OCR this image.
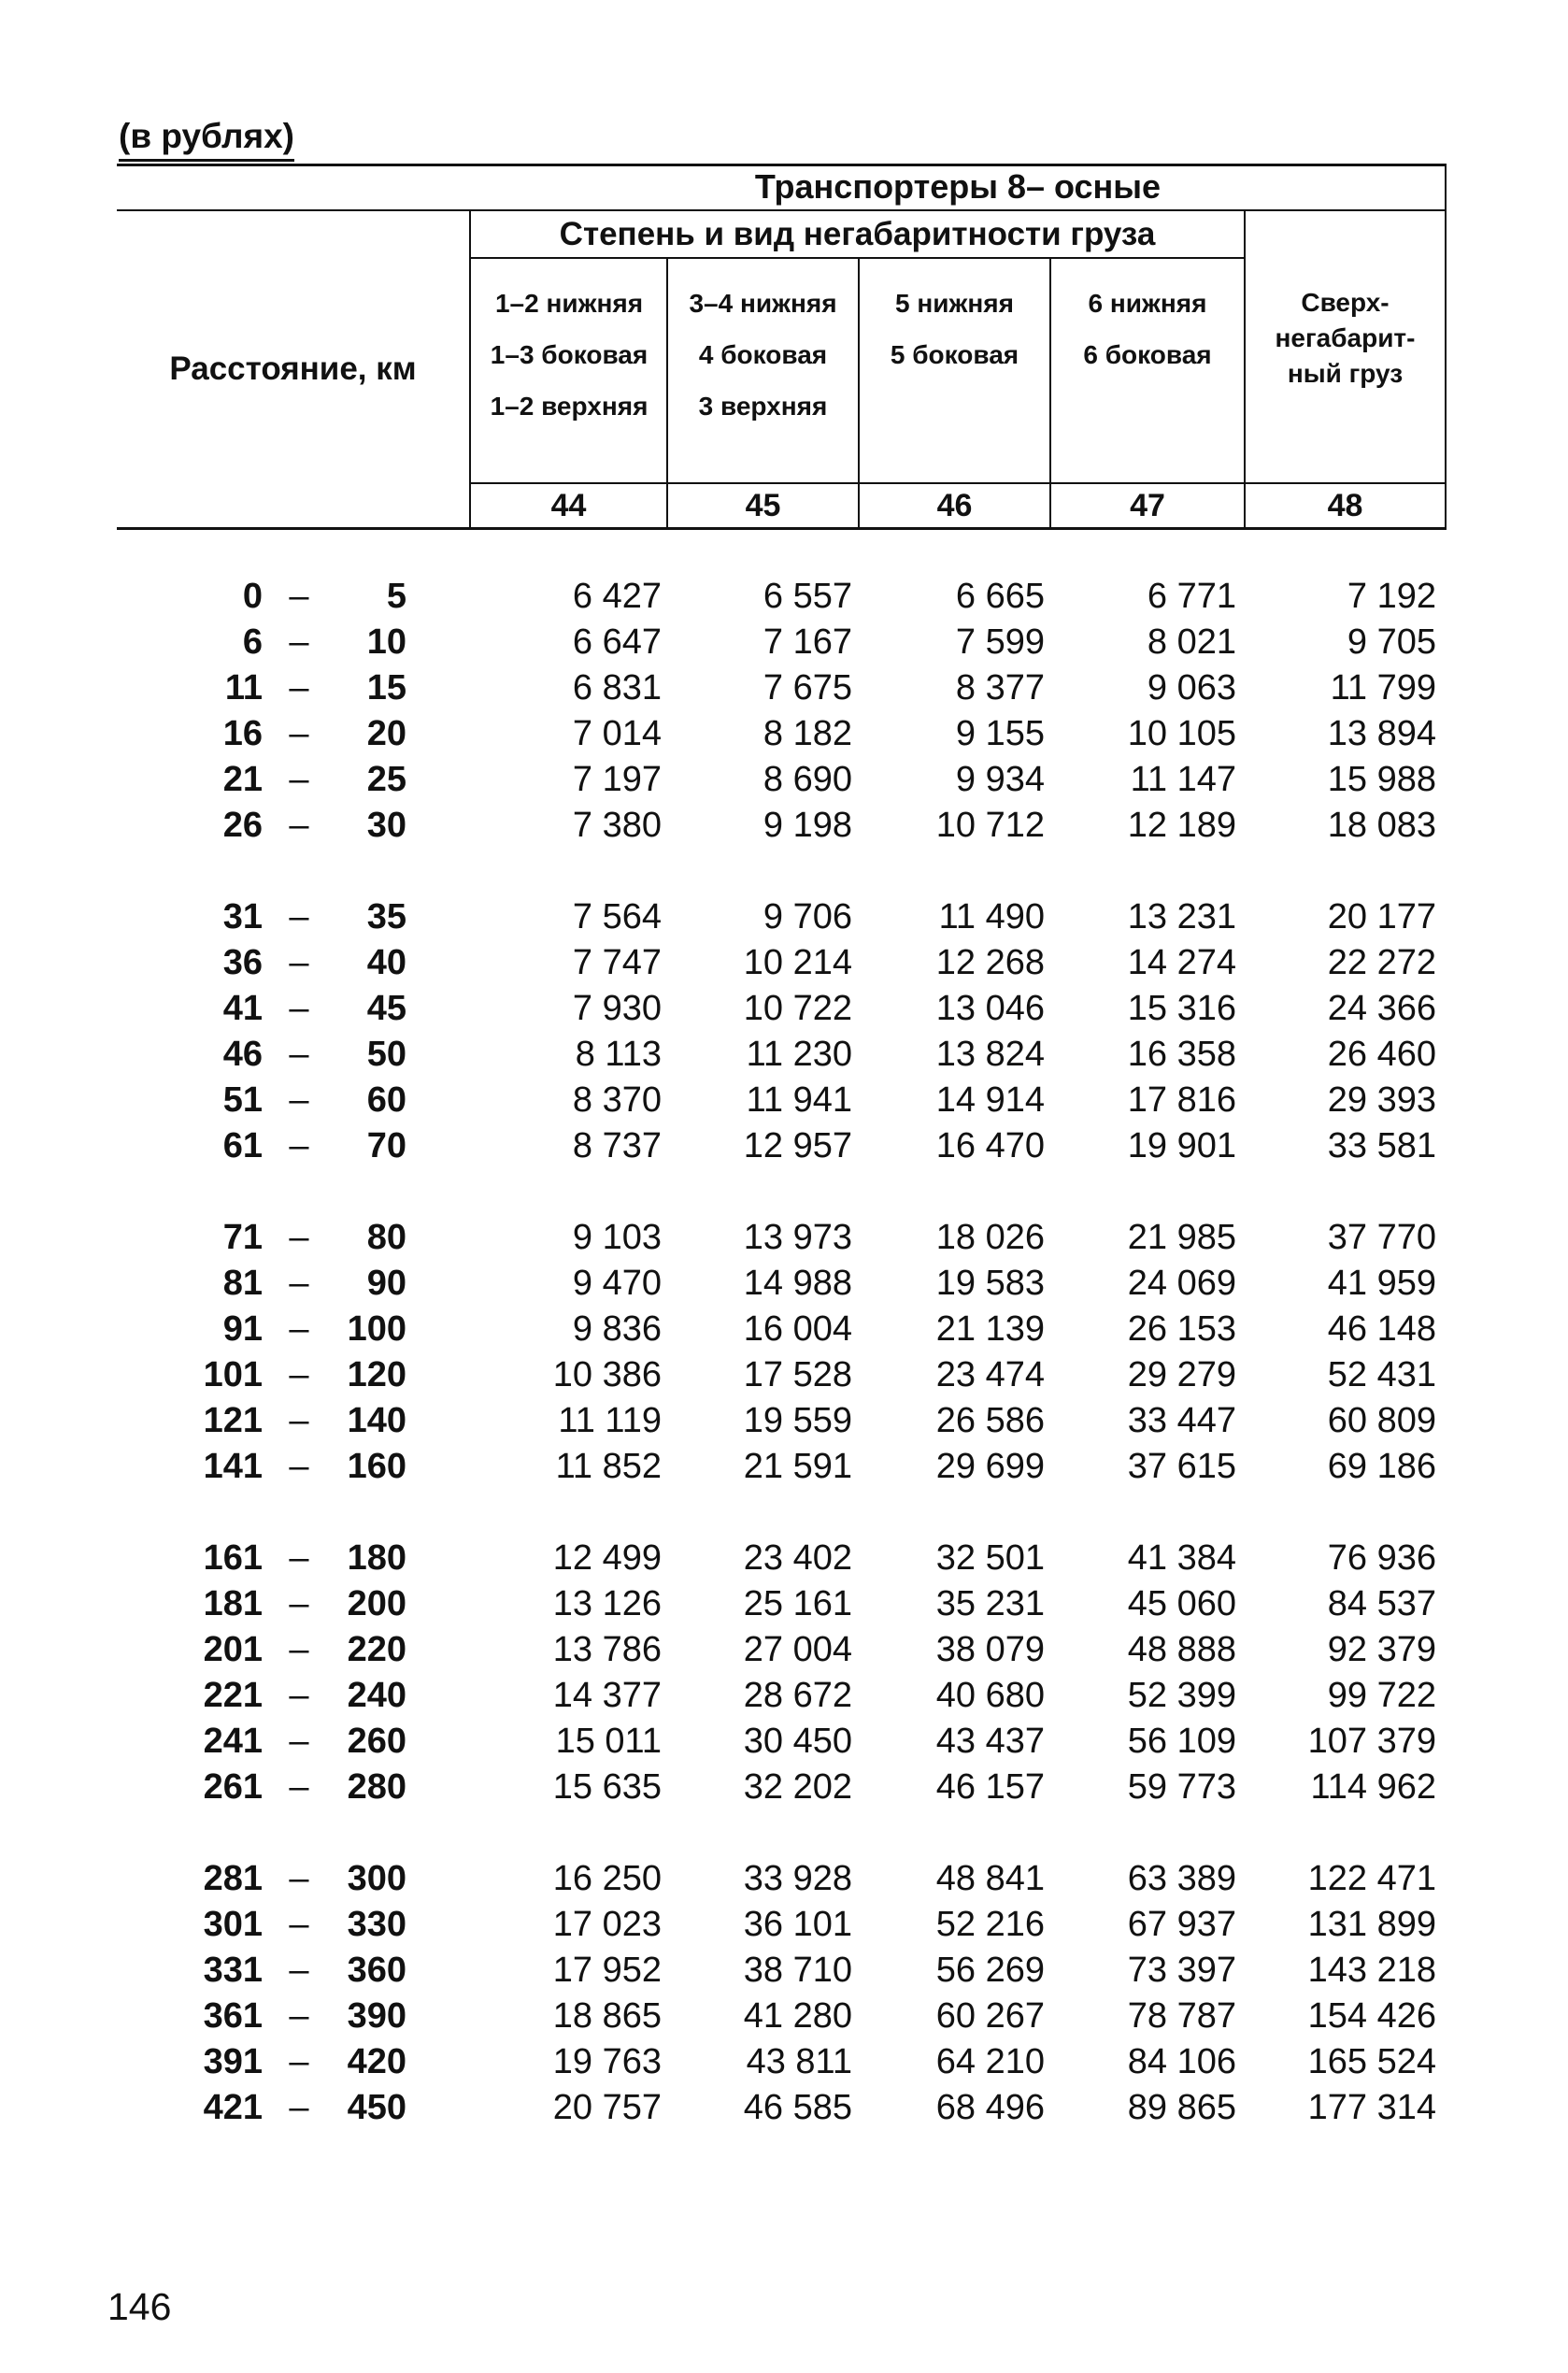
(в рублях)
Транспортеры 8– осные
Степень и вид негабаритности груза
Расстояние, км
1–2 нижняя
1–3 боковая
1–2 верхняя
3–4 нижняя
4 боковая
3 верхняя
5 нижняя
5 боковая
6 нижняя
6 боковая
Сверх-
негабарит-
ный груз
44	45	46	47	48
0 –	5	6 427	6 557	6 665	6 771	7 192
6 –	10	6 647	7 167	7 599	8 021	9 705
11 –	15	6 831	7 675	8 377	9 063	11 799
16 –	20	7 014	8 182	9 155	10 105	13 894
21 –	25	7 197	8 690	9 934	11 147	15 988
26 –	30	7 380	9 198	10 712	12 189	18 083
31 –	35	7 564	9 706	11 490	13 231	20 177
36 –	40	7 747	10 214	12 268	14 274	22 272
41 –	45	7 930	10 722	13 046	15 316	24 366
46 –	50	8 113	11 230	13 824	16 358	26 460
51 –	60	8 370	11 941	14 914	17 816	29 393
61 –	70	8 737	12 957	16 470	19 901	33 581
71 –	80	9 103	13 973	18 026	21 985	37 770
81 –	90	9 470	14 988	19 583	24 069	41 959
91 –	100	9 836	16 004	21 139	26 153	46 148
101 –	120	10 386	17 528	23 474	29 279	52 431
121 –	140	11 119	19 559	26 586	33 447	60 809
141 –	160	11 852	21 591	29 699	37 615	69 186
161 –	180	12 499	23 402	32 501	41 384	76 936
181 –	200	13 126	25 161	35 231	45 060	84 537
201 –	220	13 786	27 004	38 079	48 888	92 379
221 –	240	14 377	28 672	40 680	52 399	99 722
241 –	260	15 011	30 450	43 437	56 109	107 379
261 –	280	15 635	32 202	46 157	59 773	114 962
281 –	300	16 250	33 928	48 841	63 389	122 471
301 –	330	17 023	36 101	52 216	67 937	131 899
331 –	360	17 952	38 710	56 269	73 397	143 218
361 –	390	18 865	41 280	60 267	78 787	154 426
391 –	420	19 763	43 811	64 210	84 106	165 524
421 –	450	20 757	46 585	68 496	89 865	177 314
146
